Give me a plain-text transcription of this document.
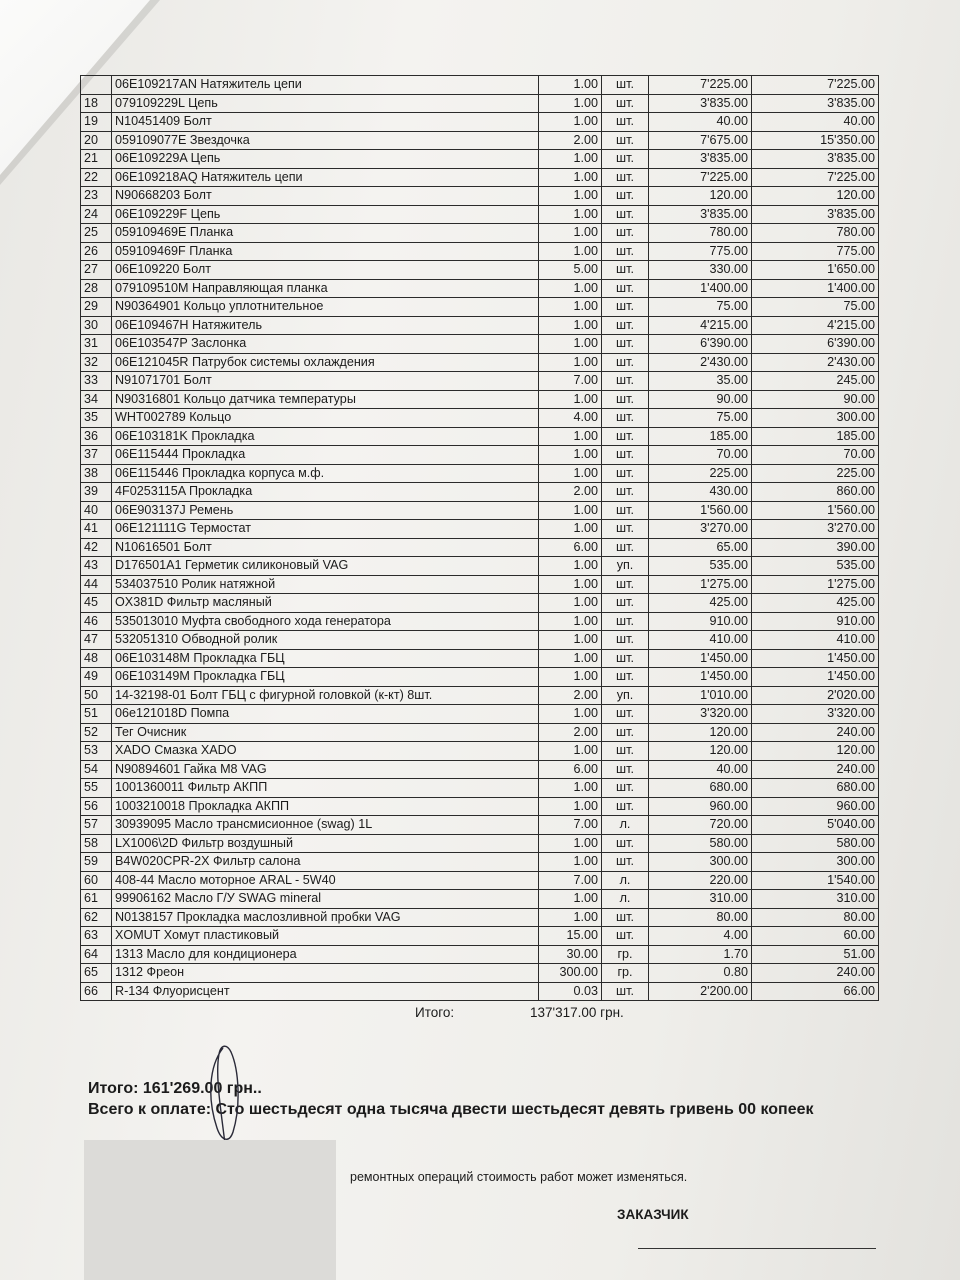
	06E109217AN Натяжитель цепи	1.00	шт.	7'225.00	7'225.00
18	079109229L Цепь	1.00	шт.	3'835.00	3'835.00
19	N10451409 Болт	1.00	шт.	40.00	40.00
20	059109077E Звездочка	2.00	шт.	7'675.00	15'350.00
21	06E109229A Цепь	1.00	шт.	3'835.00	3'835.00
22	06E109218AQ Натяжитель цепи	1.00	шт.	7'225.00	7'225.00
23	N90668203 Болт	1.00	шт.	120.00	120.00
24	06E109229F Цепь	1.00	шт.	3'835.00	3'835.00
25	059109469E Планка	1.00	шт.	780.00	780.00
26	059109469F Планка	1.00	шт.	775.00	775.00
27	06E109220 Болт	5.00	шт.	330.00	1'650.00
28	079109510M Направляющая планка	1.00	шт.	1'400.00	1'400.00
29	N90364901 Кольцо уплотнительное	1.00	шт.	75.00	75.00
30	06E109467H Натяжитель	1.00	шт.	4'215.00	4'215.00
31	06E103547P Заслонка	1.00	шт.	6'390.00	6'390.00
32	06E121045R Патрубок системы охлаждения	1.00	шт.	2'430.00	2'430.00
33	N91071701 Болт	7.00	шт.	35.00	245.00
34	N90316801 Кольцо датчика температуры	1.00	шт.	90.00	90.00
35	WHT002789 Кольцо	4.00	шт.	75.00	300.00
36	06E103181K Прокладка	1.00	шт.	185.00	185.00
37	06E115444 Прокладка	1.00	шт.	70.00	70.00
38	06E115446 Прокладка корпуса м.ф.	1.00	шт.	225.00	225.00
39	4F0253115A Прокладка	2.00	шт.	430.00	860.00
40	06E903137J Ремень	1.00	шт.	1'560.00	1'560.00
41	06E121111G Термостат	1.00	шт.	3'270.00	3'270.00
42	N10616501 Болт	6.00	шт.	65.00	390.00
43	D176501A1 Герметик силиконовый VAG	1.00	уп.	535.00	535.00
44	534037510 Ролик натяжной	1.00	шт.	1'275.00	1'275.00
45	OX381D Фильтр масляный	1.00	шт.	425.00	425.00
46	535013010 Муфта свободного хода генератора	1.00	шт.	910.00	910.00
47	532051310 Обводной ролик	1.00	шт.	410.00	410.00
48	06E103148M Прокладка ГБЦ	1.00	шт.	1'450.00	1'450.00
49	06E103149M Прокладка ГБЦ	1.00	шт.	1'450.00	1'450.00
50	14-32198-01 Болт ГБЦ с фигурной головкой (к-кт) 8шт.	2.00	уп.	1'010.00	2'020.00
51	06e121018D Помпа	1.00	шт.	3'320.00	3'320.00
52	Тег Очисник	2.00	шт.	120.00	240.00
53	XADO Смазка XADO	1.00	шт.	120.00	120.00
54	N90894601 Гайка M8 VAG	6.00	шт.	40.00	240.00
55	1001360011 Фильтр АКПП	1.00	шт.	680.00	680.00
56	1003210018 Прокладка АКПП	1.00	шт.	960.00	960.00
57	30939095 Масло трансмисионное (swag) 1L	7.00	л.	720.00	5'040.00
58	LX1006\2D Фильтр воздушный	1.00	шт.	580.00	580.00
59	B4W020CPR-2X Фильтр салона	1.00	шт.	300.00	300.00
60	408-44 Масло моторное ARAL - 5W40	7.00	л.	220.00	1'540.00
61	99906162 Масло Г/У SWAG mineral	1.00	л.	310.00	310.00
62	N0138157 Прокладка маслозливной пробки VAG	1.00	шт.	80.00	80.00
63	XOMUT Хомут пластиковый	15.00	шт.	4.00	60.00
64	1313 Масло для кондиционера	30.00	гр.	1.70	51.00
65	1312 Фреон	300.00	гр.	0.80	240.00
66	R-134 Флуорисцент	0.03	шт.	2'200.00	66.00
Итого:	137'317.00 грн.
Итого: 161'269.00 грн..
Всего к оплате: Сто шестьдесят одна тысяча двести шестьдесят девять гривень 00 копеек
ремонтных операций стоимость работ может изменяться.
ЗАКАЗЧИК
